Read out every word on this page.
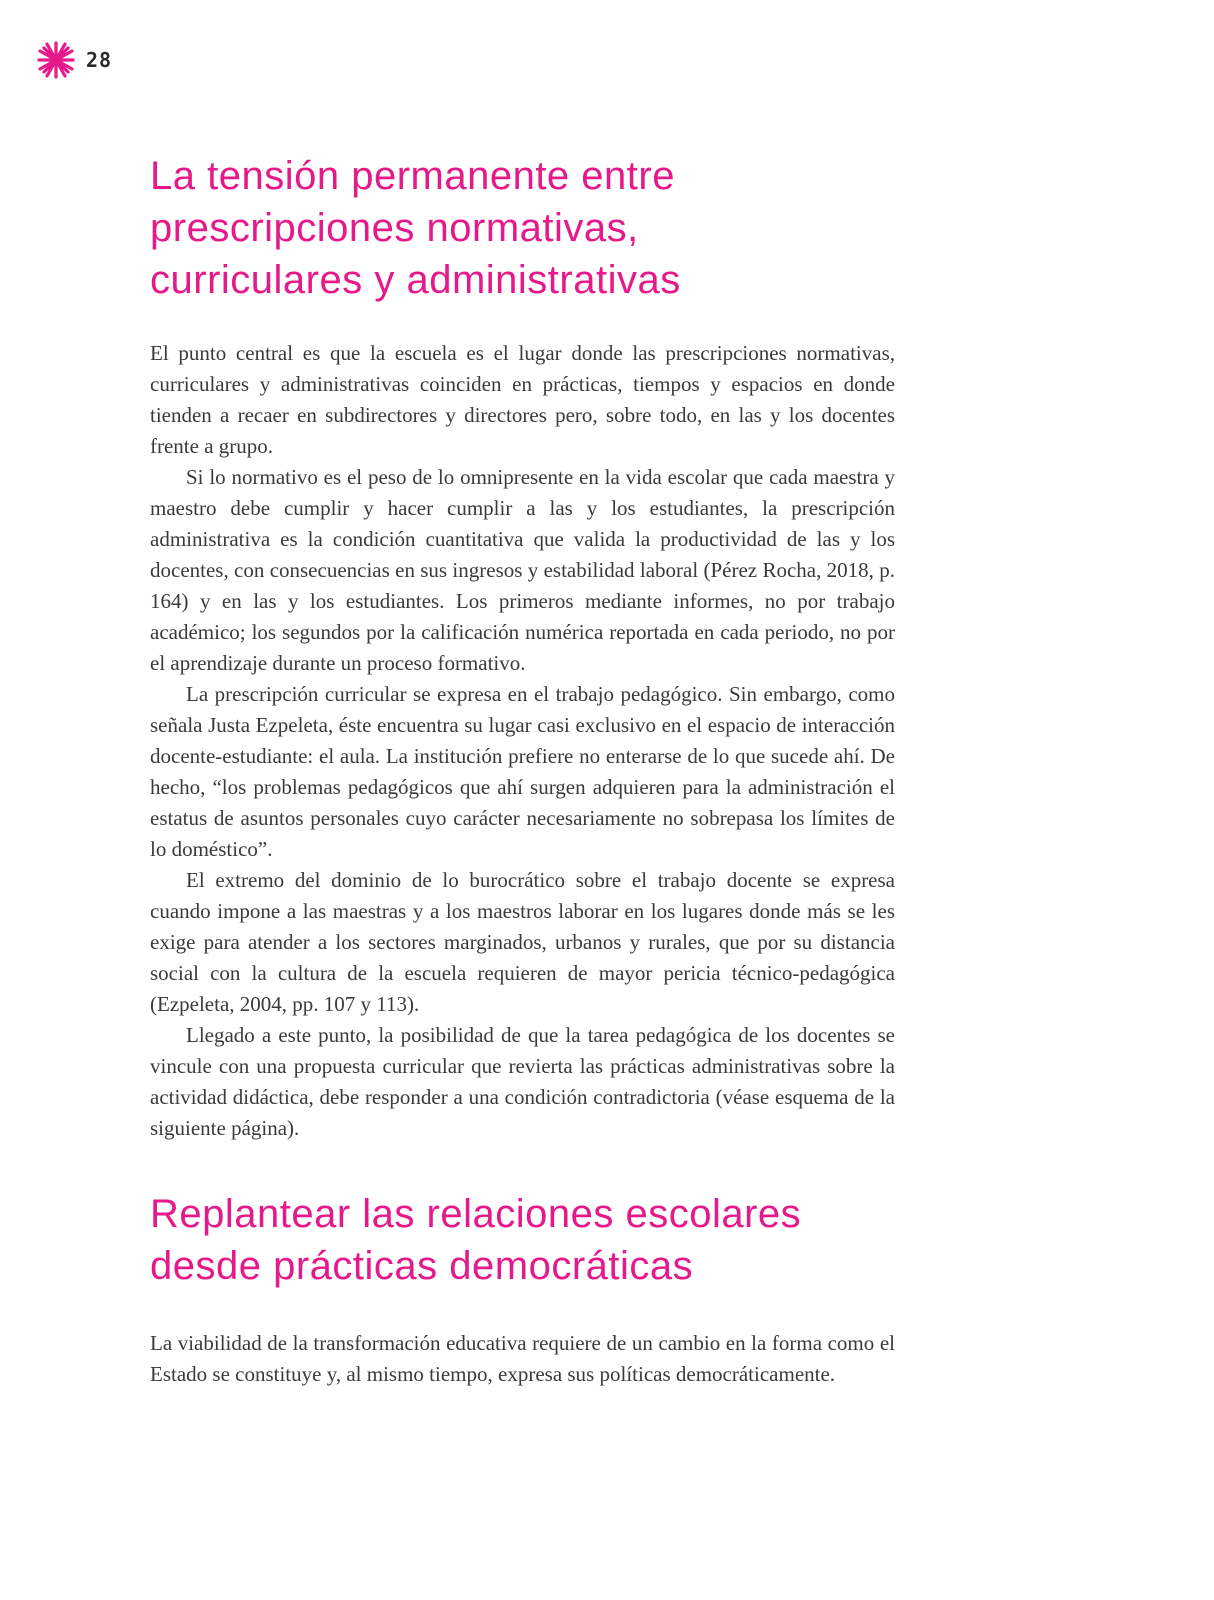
28
La tensión permanente entre
prescripciones normativas,
curriculares y administrativas

El punto central es que la escuela es el lugar donde las prescripciones normativas, curriculares y administrativas coinciden en prácticas, tiempos y espacios en donde tienden a recaer en subdirectores y directores pero, sobre todo, en las y los docentes frente a grupo.

Si lo normativo es el peso de lo omnipresente en la vida escolar que cada maestra y maestro debe cumplir y hacer cumplir a las y los estudiantes, la prescripción administrativa es la condición cuantitativa que valida la productividad de las y los docentes, con consecuencias en sus ingresos y estabilidad laboral (Pérez Rocha, 2018, p. 164) y en las y los estudiantes. Los primeros mediante informes, no por trabajo académico; los segundos por la calificación numérica reportada en cada periodo, no por el aprendizaje durante un proceso formativo.

La prescripción curricular se expresa en el trabajo pedagógico. Sin embargo, como señala Justa Ezpeleta, éste encuentra su lugar casi exclusivo en el espacio de interacción docente-estudiante: el aula. La institución prefiere no enterarse de lo que sucede ahí. De hecho, “los problemas pedagógicos que ahí surgen adquieren para la administración el estatus de asuntos personales cuyo carácter necesariamente no sobrepasa los límites de lo doméstico”.

El extremo del dominio de lo burocrático sobre el trabajo docente se expresa cuando impone a las maestras y a los maestros laborar en los lugares donde más se les exige para atender a los sectores marginados, urbanos y rurales, que por su distancia social con la cultura de la escuela requieren de mayor pericia técnico-pedagógica (Ezpeleta, 2004, pp. 107 y 113).

Llegado a este punto, la posibilidad de que la tarea pedagógica de los docentes se vincule con una propuesta curricular que revierta las prácticas administrativas sobre la actividad didáctica, debe responder a una condición contradictoria (véase esquema de la siguiente página).

Replantear las relaciones escolares
desde prácticas democráticas

La viabilidad de la transformación educativa requiere de un cambio en la forma como el Estado se constituye y, al mismo tiempo, expresa sus políticas democráticamente.
